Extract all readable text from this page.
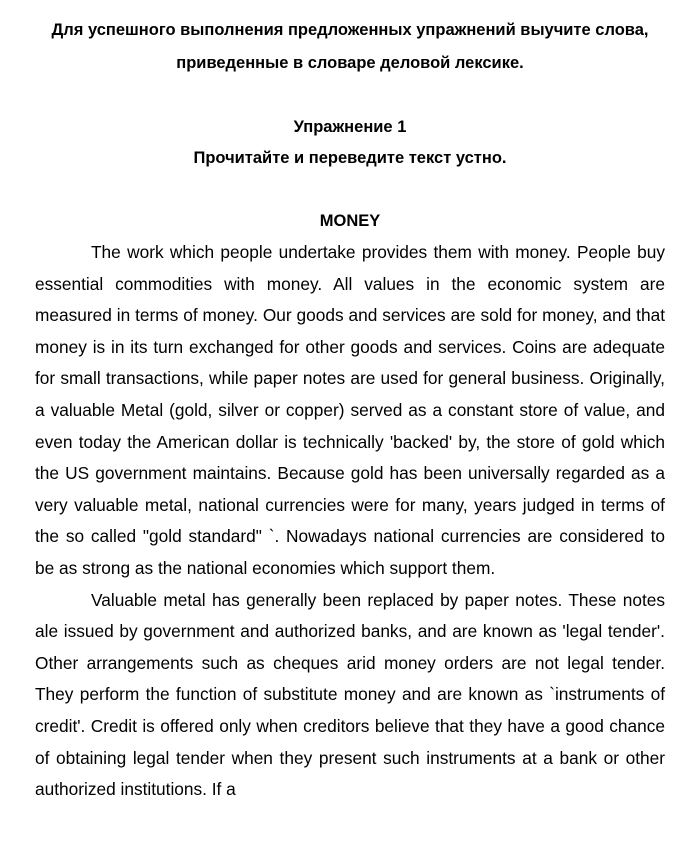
Для успешного выполнения предложенных упражнений выучите слова, приведенные в словаре деловой лексике.

Упражнение 1

Прочитайте и переведите текст устно.

MONEY

The work which people undertake provides them with money. People buy essential commodities with money. All values in the economic system are measured in terms of money. Our goods and services are sold for money, and that money is in its turn exchanged for other goods and services. Coins are adequate for small transactions, while paper notes are used for general business. Originally, a valuable Metal (gold, silver or copper) served as a constant store of value, and even today the American dollar is technically 'backed' by, the store of gold which the US government maintains. Because gold has been universally regarded as a very valuable metal, national currencies were for many, years judged in terms of the so called "gold standard" `. Nowadays national currencies are considered to be as strong as the national economies which support them.

Valuable metal has generally been replaced by paper notes. These notes ale issued by government and authorized banks, and are known as 'legal tender'. Other arrangements such as cheques arid money orders are not legal tender. They perform the function of substitute money and are known as `instruments of credit'. Credit is offered only when creditors believe that they have a good chance of obtaining legal tender when they present such instruments at a bank or other authorized institutions. If a
